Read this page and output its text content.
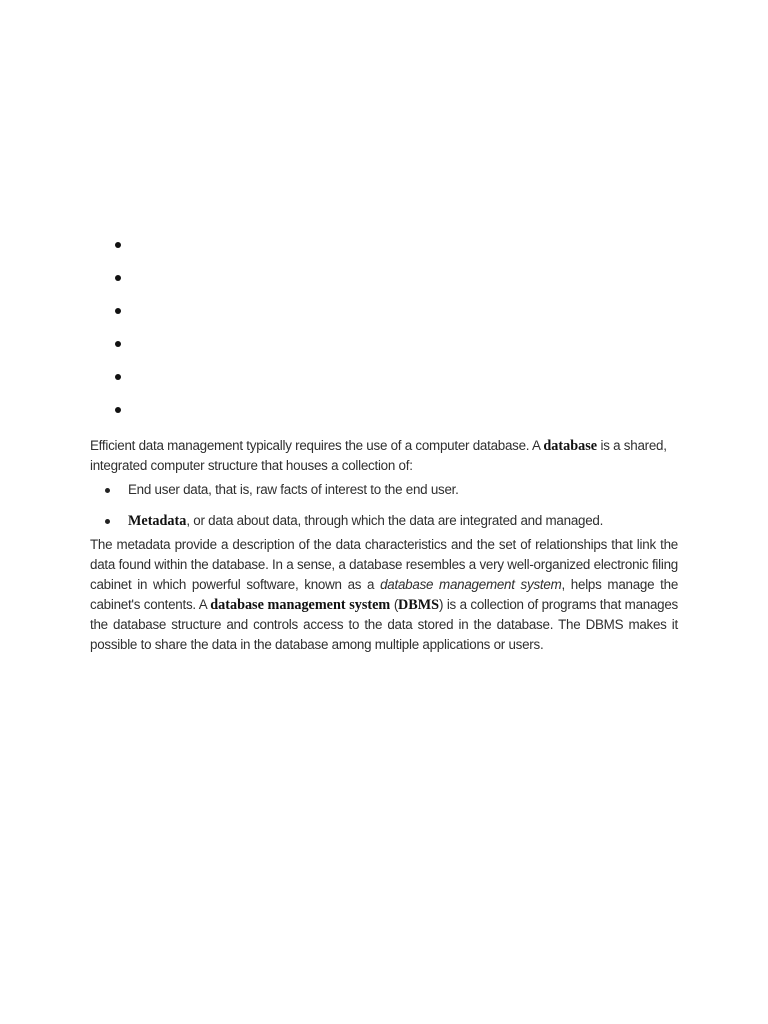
Efficient data management typically requires the use of a computer database. A database is a shared, integrated computer structure that houses a collection of:

End user data, that is, raw facts of interest to the end user.
Metadata, or data about data, through which the data are integrated and managed.

The metadata provide a description of the data characteristics and the set of relationships that link the data found within the database. In a sense, a database resembles a very well-organized electronic filing cabinet in which powerful software, known as a database management system, helps manage the cabinet's contents. A database management system (DBMS) is a collection of programs that manages the database structure and controls access to the data stored in the database. The DBMS makes it possible to share the data in the database among multiple applications or users.
